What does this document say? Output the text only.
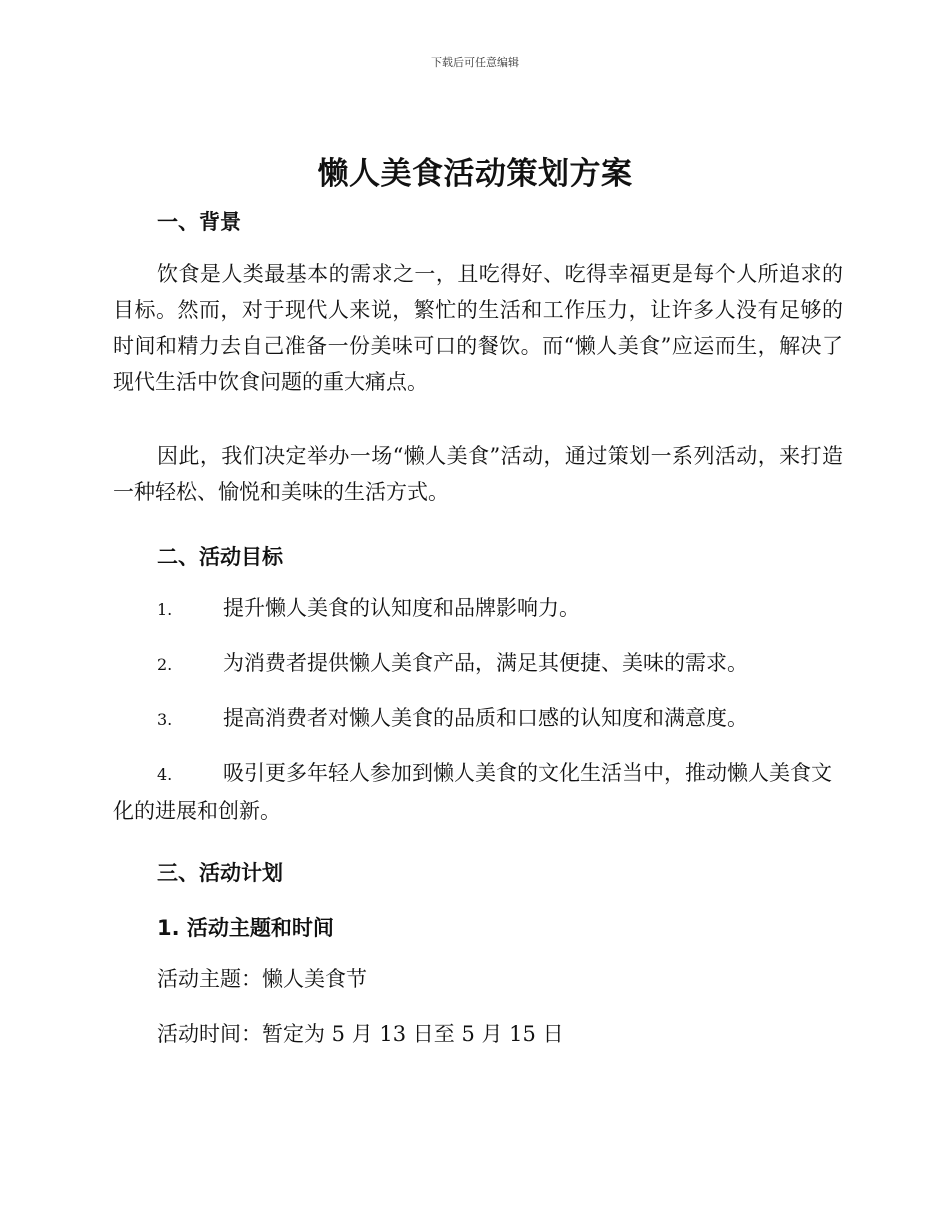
下载后可任意编辑
懒人美食活动策划方案
一、背景
饮食是人类最基本的需求之一，且吃得好、吃得幸福更是每个人所追求的目标。然而，对于现代人来说，繁忙的生活和工作压力，让许多人没有足够的时间和精力去自己准备一份美味可口的餐饮。而“懒人美食”应运而生，解决了现代生活中饮食问题的重大痛点。
因此，我们决定举办一场“懒人美食”活动，通过策划一系列活动，来打造一种轻松、愉悦和美味的生活方式。
二、活动目标
1. 提升懒人美食的认知度和品牌影响力。
2. 为消费者提供懒人美食产品，满足其便捷、美味的需求。
3. 提高消费者对懒人美食的品质和口感的认知度和满意度。
4. 吸引更多年轻人参加到懒人美食的文化生活当中，推动懒人美食文化的进展和创新。
三、活动计划
1. 活动主题和时间
活动主题：懒人美食节
活动时间：暂定为 5 月 13 日至 5 月 15 日
